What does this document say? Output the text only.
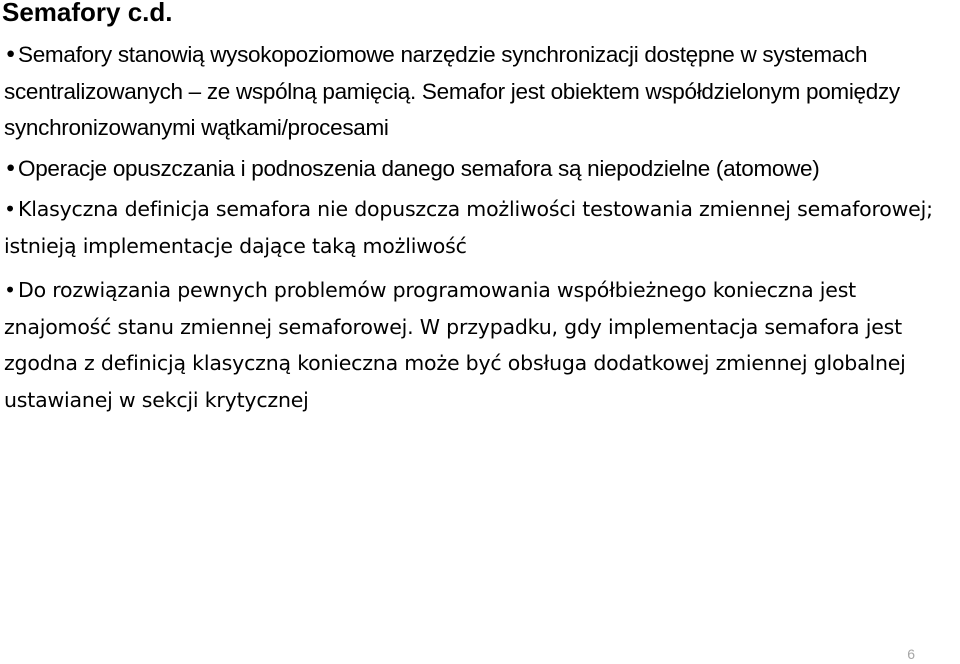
Semafory c.d.
•Semafory stanowią wysokopoziomowe narzędzie synchronizacji dostępne w systemach scentralizowanych – ze wspólną pamięcią. Semafor jest obiektem współdzielonym pomiędzy synchronizowanymi wątkami/procesami
•Operacje opuszczania i podnoszenia danego semafora są niepodzielne (atomowe)
• Klasyczna definicja semafora nie dopuszcza możliwości testowania zmiennej semaforowej; istnieją implementacje dające taką możliwość
• Do rozwiązania pewnych problemów programowania współbieżnego konieczna jest znajomość stanu zmiennej semaforowej. W przypadku, gdy implementacja semafora jest zgodna z definicją klasyczną konieczna może być obsługa dodatkowej zmiennej globalnej ustawianej w sekcji krytycznej
6
